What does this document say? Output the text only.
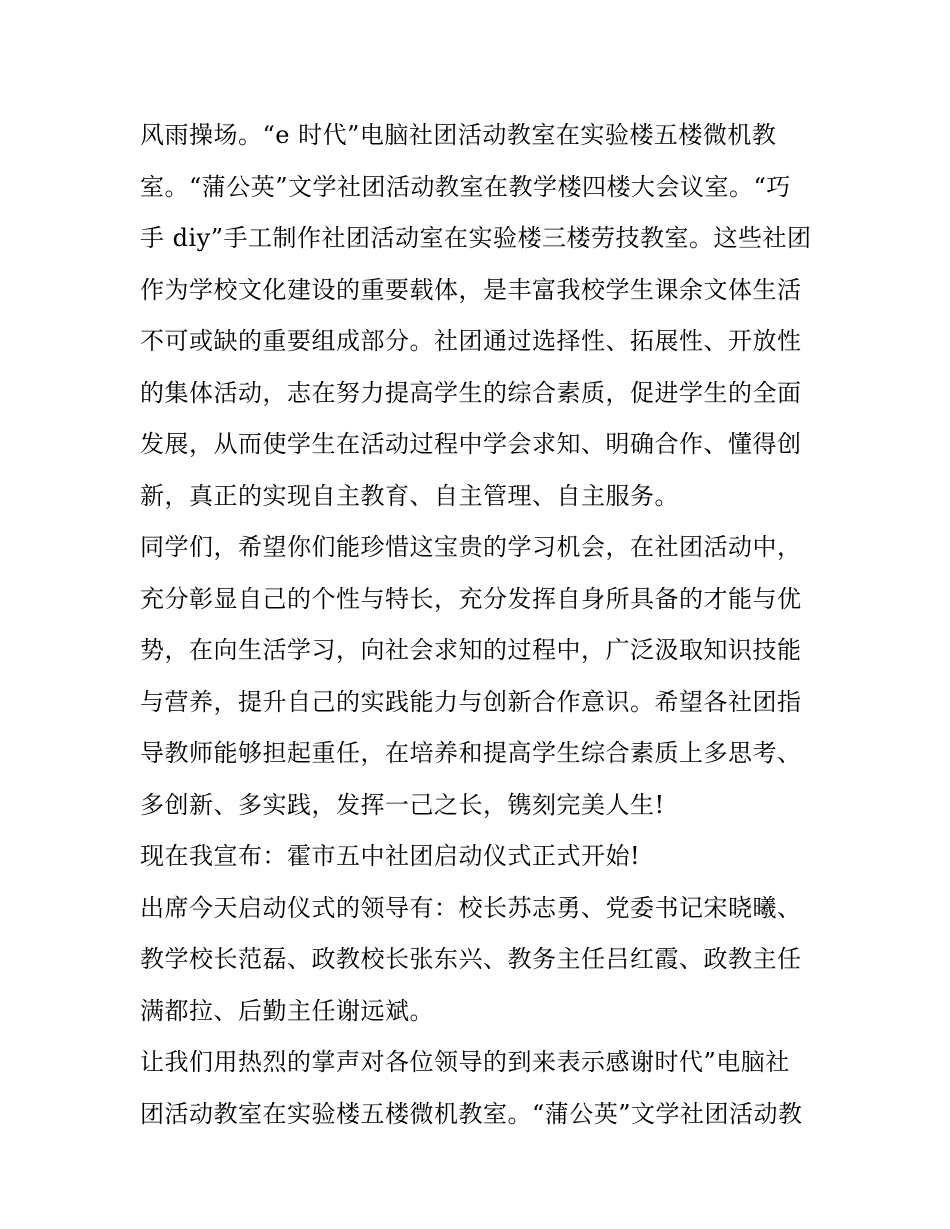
风雨操场。“e 时代”电脑社团活动教室在实验楼五楼微机教
室。“蒲公英”文学社团活动教室在教学楼四楼大会议室。“巧
手 diy”手工制作社团活动室在实验楼三楼劳技教室。这些社团
作为学校文化建设的重要载体，是丰富我校学生课余文体生活
不可或缺的重要组成部分。社团通过选择性、拓展性、开放性
的集体活动，志在努力提高学生的综合素质，促进学生的全面
发展，从而使学生在活动过程中学会求知、明确合作、懂得创
新，真正的实现自主教育、自主管理、自主服务。
同学们，希望你们能珍惜这宝贵的学习机会，在社团活动中，
充分彰显自己的个性与特长，充分发挥自身所具备的才能与优
势，在向生活学习，向社会求知的过程中，广泛汲取知识技能
与营养，提升自己的实践能力与创新合作意识。希望各社团指
导教师能够担起重任，在培养和提高学生综合素质上多思考、
多创新、多实践，发挥一己之长，镌刻完美人生!
现在我宣布：霍市五中社团启动仪式正式开始!
出席今天启动仪式的领导有：校长苏志勇、党委书记宋晓曦、
教学校长范磊、政教校长张东兴、教务主任吕红霞、政教主任
满都拉、后勤主任谢远斌。
让我们用热烈的掌声对各位领导的到来表示感谢时代”电脑社
团活动教室在实验楼五楼微机教室。“蒲公英”文学社团活动教
